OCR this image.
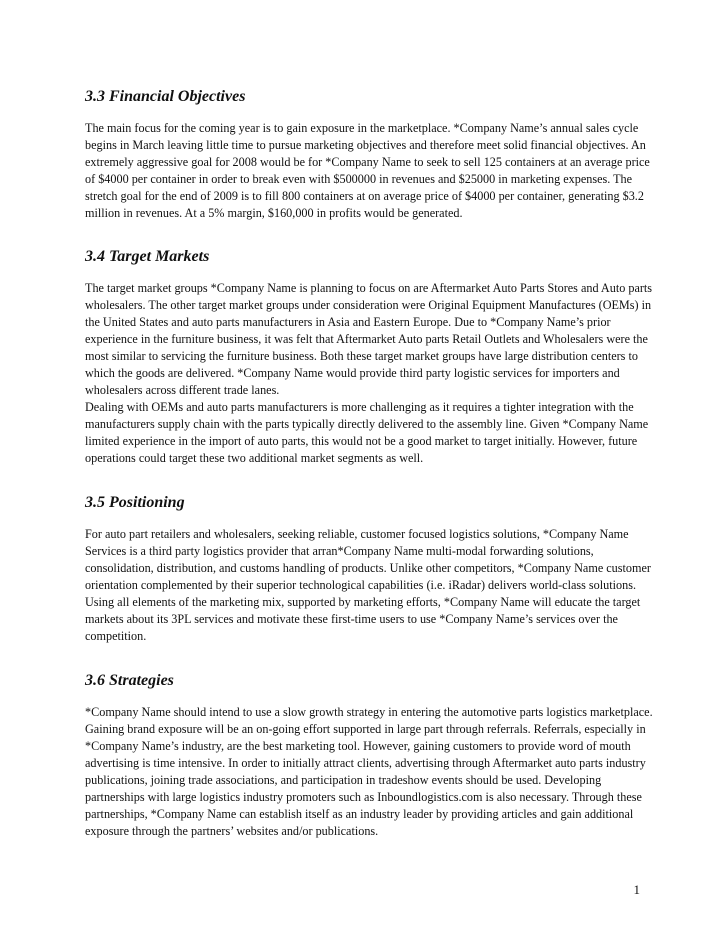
3.3 Financial Objectives

The main focus for the coming year is to gain exposure in the marketplace. *Company Name’s annual sales cycle begins in March leaving little time to pursue marketing objectives and therefore meet solid financial objectives. An extremely aggressive goal for 2008 would be for *Company Name to seek to sell 125 containers at an average price of $4000 per container in order to break even with $500000 in revenues and $25000 in marketing expenses. The stretch goal for the end of 2009 is to fill 800 containers at on average price of $4000 per container, generating $3.2 million in revenues. At a 5% margin, $160,000 in profits would be generated.

3.4 Target Markets

The target market groups *Company Name is planning to focus on are Aftermarket Auto Parts Stores and Auto parts wholesalers. The other target market groups under consideration were Original Equipment Manufactures (OEMs) in the United States and auto parts manufacturers in Asia and Eastern Europe. Due to *Company Name’s prior experience in the furniture business, it was felt that Aftermarket Auto parts Retail Outlets and Wholesalers were the most similar to servicing the furniture business. Both these target market groups have large distribution centers to which the goods are delivered. *Company Name would provide third party logistic services for importers and wholesalers across different trade lanes.

Dealing with OEMs and auto parts manufacturers is more challenging as it requires a tighter integration with the manufacturers supply chain with the parts typically directly delivered to the assembly line. Given *Company Name limited experience in the import of auto parts, this would not be a good market to target initially. However, future operations could target these two additional market segments as well.

3.5 Positioning

For auto part retailers and wholesalers, seeking reliable, customer focused logistics solutions, *Company Name Services is a third party logistics provider that arran*Company Name multi-modal forwarding solutions, consolidation, distribution, and customs handling of products. Unlike other competitors, *Company Name customer orientation complemented by their superior technological capabilities (i.e. iRadar) delivers world-class solutions. Using all elements of the marketing mix, supported by marketing efforts, *Company Name will educate the target markets about its 3PL services and motivate these first-time users to use *Company Name’s services over the competition.

3.6 Strategies

*Company Name should intend to use a slow growth strategy in entering the automotive parts logistics marketplace. Gaining brand exposure will be an on-going effort supported in large part through referrals. Referrals, especially in *Company Name’s industry, are the best marketing tool. However, gaining customers to provide word of mouth advertising is time intensive. In order to initially attract clients, advertising through Aftermarket auto parts industry publications, joining trade associations, and participation in tradeshow events should be used. Developing partnerships with large logistics industry promoters such as Inboundlogistics.com is also necessary. Through these partnerships, *Company Name can establish itself as an industry leader by providing articles and gain additional exposure through the partners’ websites and/or publications.

1
